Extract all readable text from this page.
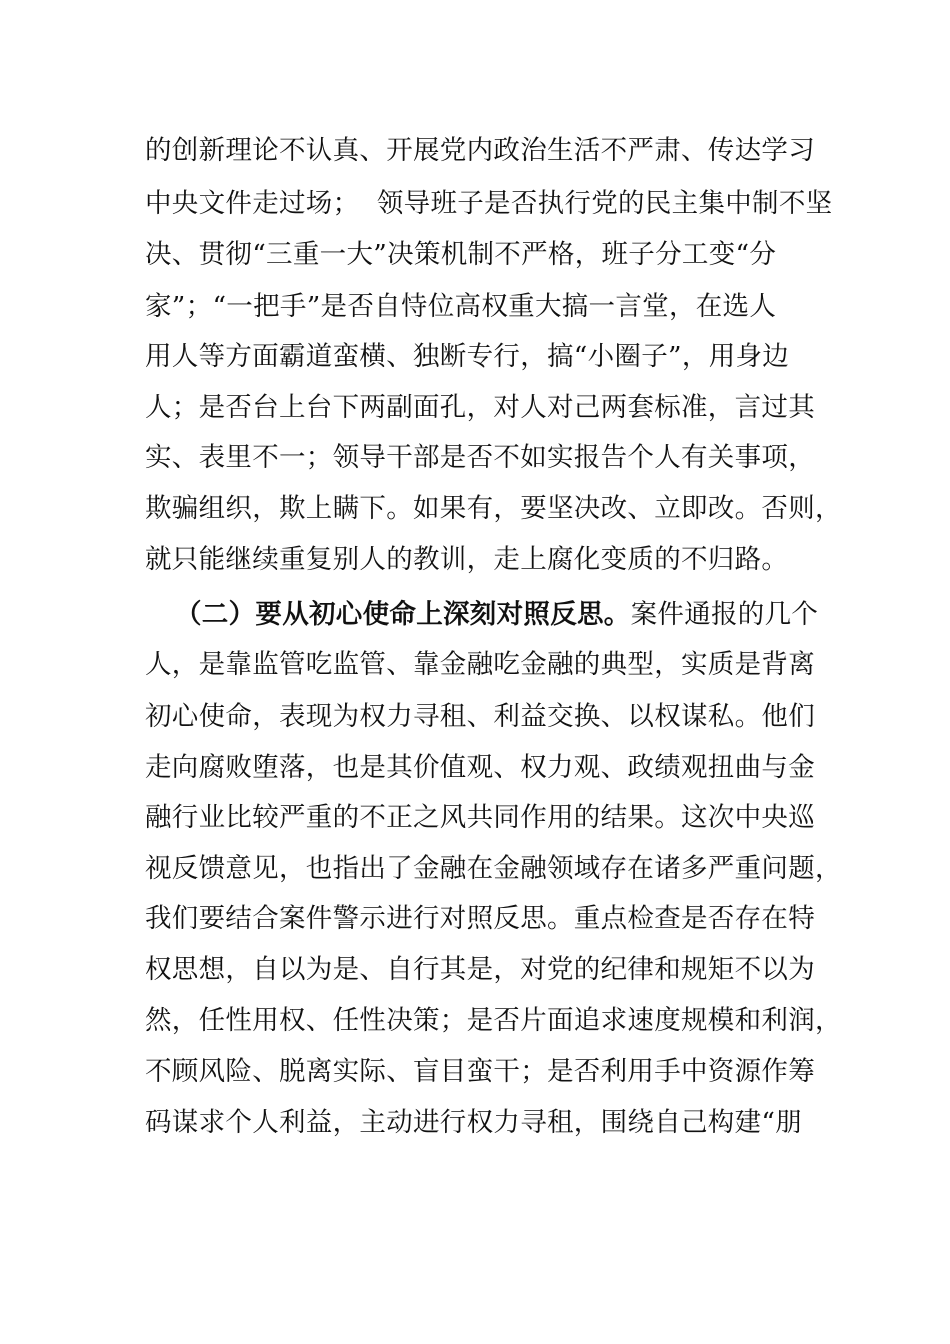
的创新理论不认真、开展党内政治生活不严肃、传达学习
中央文件走过场；  领导班子是否执行党的民主集中制不坚
决、贯彻“三重一大”决策机制不严格，班子分工变“分
家”；“一把手”是否自恃位高权重大搞一言堂，在选人
用人等方面霸道蛮横、独断专行，搞“小圈子”，用身边
人；是否台上台下两副面孔，对人对己两套标准，言过其
实、表里不一；领导干部是否不如实报告个人有关事项，
欺骗组织，欺上瞒下。如果有，要坚决改、立即改。否则，
就只能继续重复别人的教训，走上腐化变质的不归路。
（二）要从初心使命上深刻对照反思。案件通报的几个
人，是靠监管吃监管、靠金融吃金融的典型，实质是背离
初心使命，表现为权力寻租、利益交换、以权谋私。他们
走向腐败堕落，也是其价值观、权力观、政绩观扭曲与金
融行业比较严重的不正之风共同作用的结果。这次中央巡
视反馈意见，也指出了金融在金融领域存在诸多严重问题，
我们要结合案件警示进行对照反思。重点检查是否存在特
权思想，自以为是、自行其是，对党的纪律和规矩不以为
然，任性用权、任性决策；是否片面追求速度规模和利润，
不顾风险、脱离实际、盲目蛮干；是否利用手中资源作筹
码谋求个人利益，主动进行权力寻租，围绕自己构建“朋
